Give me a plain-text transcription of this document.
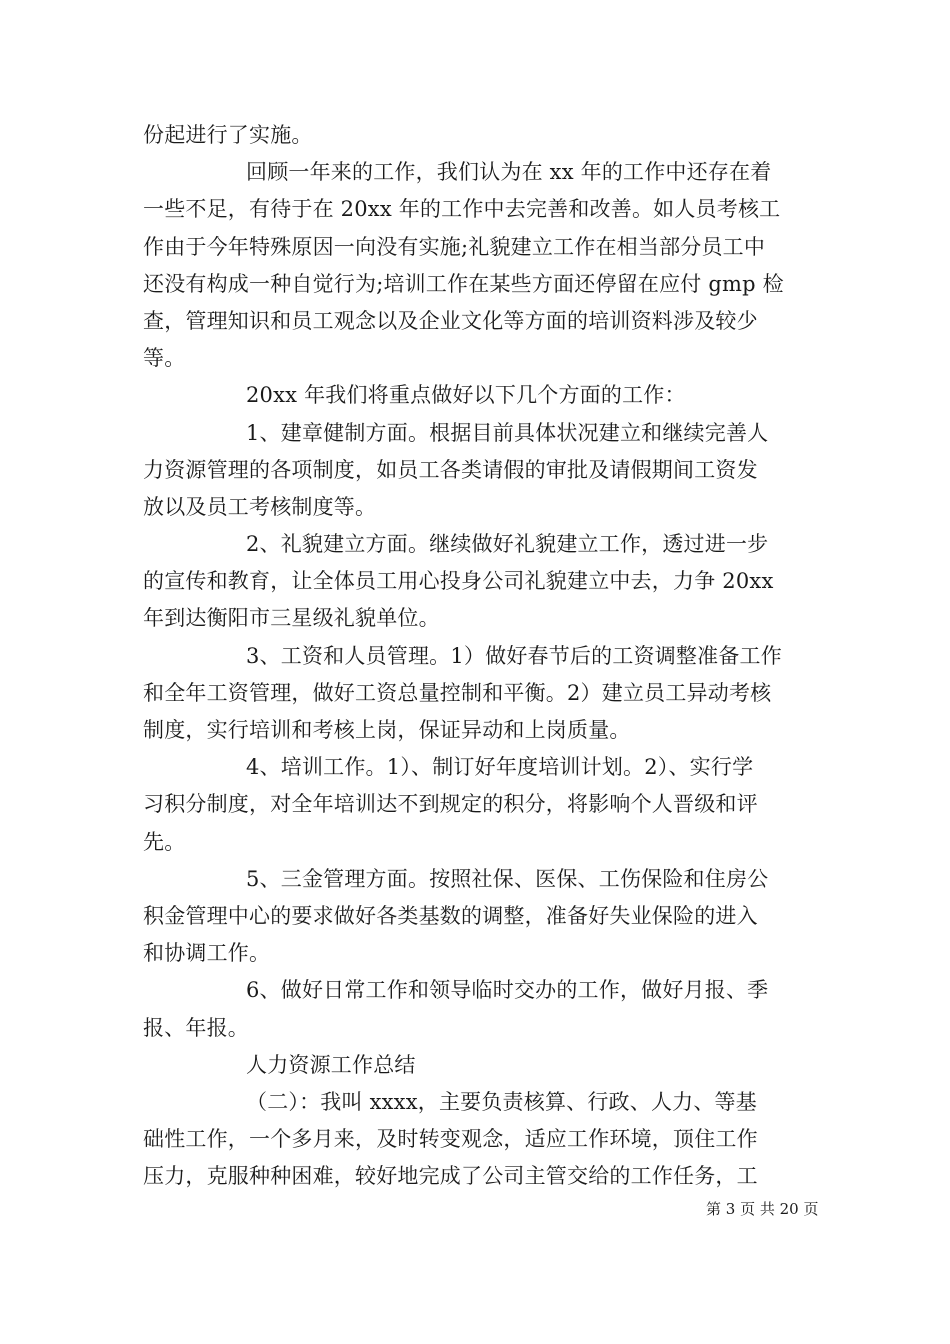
份起进行了实施。
回顾一年来的工作，我们认为在 xx 年的工作中还存在着
一些不足，有待于在 20xx 年的工作中去完善和改善。如人员考核工
作由于今年特殊原因一向没有实施;礼貌建立工作在相当部分员工中
还没有构成一种自觉行为;培训工作在某些方面还停留在应付 gmp 检
查，管理知识和员工观念以及企业文化等方面的培训资料涉及较少
等。
20xx 年我们将重点做好以下几个方面的工作：
1、建章健制方面。根据目前具体状况建立和继续完善人
力资源管理的各项制度，如员工各类请假的审批及请假期间工资发
放以及员工考核制度等。
2、礼貌建立方面。继续做好礼貌建立工作，透过进一步
的宣传和教育，让全体员工用心投身公司礼貌建立中去，力争 20xx
年到达衡阳市三星级礼貌单位。
3、工资和人员管理。1）做好春节后的工资调整准备工作
和全年工资管理，做好工资总量控制和平衡。2）建立员工异动考核
制度，实行培训和考核上岗，保证异动和上岗质量。
4、培训工作。1）、制订好年度培训计划。2）、实行学
习积分制度，对全年培训达不到规定的积分，将影响个人晋级和评
先。
5、三金管理方面。按照社保、医保、工伤保险和住房公
积金管理中心的要求做好各类基数的调整，准备好失业保险的进入
和协调工作。
6、做好日常工作和领导临时交办的工作，做好月报、季
报、年报。
人力资源工作总结
（二）：我叫 xxxx，主要负责核算、行政、人力、等基
础性工作，一个多月来，及时转变观念，适应工作环境，顶住工作
压力，克服种种困难，较好地完成了公司主管交给的工作任务，工
第 3 页 共 20 页
